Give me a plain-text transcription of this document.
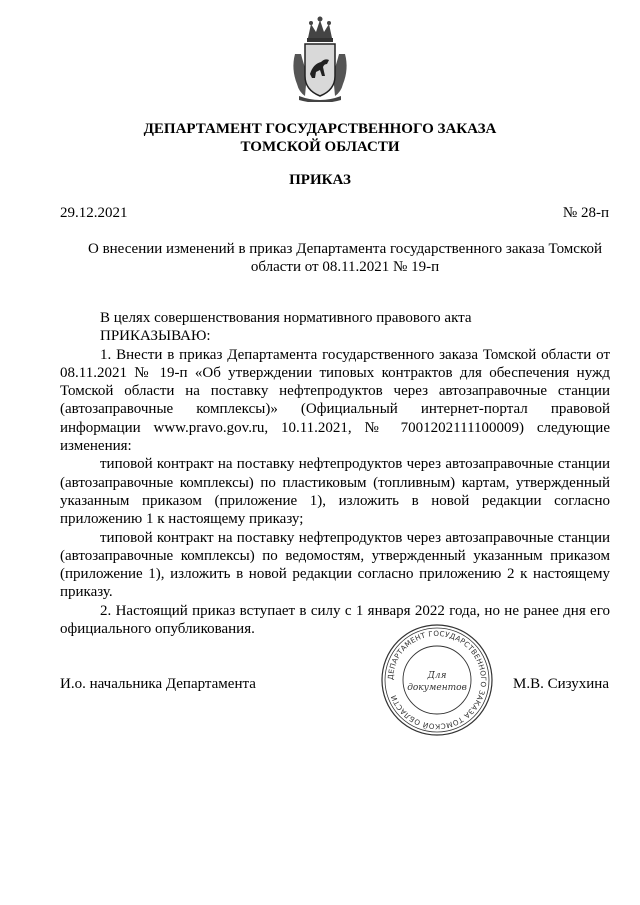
ДЕПАРТАМЕНТ ГОСУДАРСТВЕННОГО ЗАКАЗА
ТОМСКОЙ ОБЛАСТИ
ПРИКАЗ
29.12.2021	№ 28-п
О внесении изменений в приказ Департамента государственного заказа Томской области от 08.11.2021 № 19-п

В целях совершенствования нормативного правового акта

ПРИКАЗЫВАЮ:

1. Внести в приказ Департамента государственного заказа Томской области от 08.11.2021 № 19-п «Об утверждении типовых контрактов для обеспечения нужд Томской области на поставку нефтепродуктов через автозаправочные станции (автозаправочные комплексы)» (Официальный интернет-портал правовой информации www.pravo.gov.ru, 10.11.2021, № 7001202111100009) следующие изменения:

типовой контракт на поставку нефтепродуктов через автозаправочные станции (автозаправочные комплексы) по пластиковым (топливным) картам, утвержденный указанным приказом (приложение 1), изложить в новой редакции согласно приложению 1 к настоящему приказу;

типовой контракт на поставку нефтепродуктов через автозаправочные станции (автозаправочные комплексы) по ведомостям, утвержденный указанным приказом (приложение 1), изложить в новой редакции согласно приложению 2 к настоящему приказу.

2. Настоящий приказ вступает в силу с 1 января 2022 года, но не ранее дня его официального опубликования.

И.о. начальника Департамента	М.В. Сизухина
ДЕПАРТАМЕНТ ГОСУДАРСТВЕННОГО ЗАКАЗА ТОМСКОЙ ОБЛАСТИ
Для
документов
